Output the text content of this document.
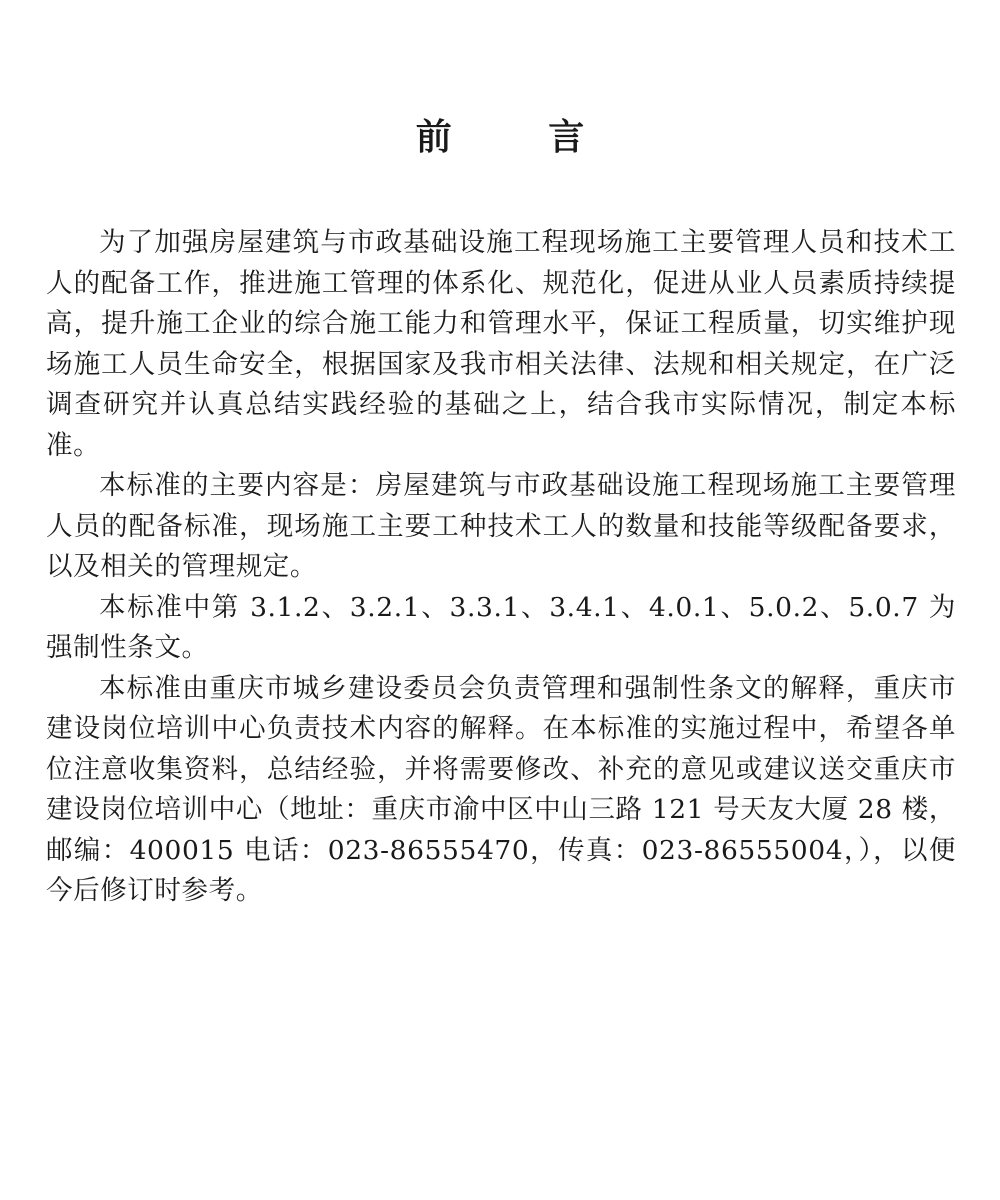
前 言

为了加强房屋建筑与市政基础设施工程现场施工主要管理人员和技术工人的配备工作，推进施工管理的体系化、规范化，促进从业人员素质持续提高，提升施工企业的综合施工能力和管理水平，保证工程质量，切实维护现场施工人员生命安全，根据国家及我市相关法律、法规和相关规定，在广泛调查研究并认真总结实践经验的基础之上，结合我市实际情况，制定本标准。

本标准的主要内容是：房屋建筑与市政基础设施工程现场施工主要管理人员的配备标准，现场施工主要工种技术工人的数量和技能等级配备要求，以及相关的管理规定。

本标准中第 3.1.2、3.2.1、3.3.1、3.4.1、4.0.1、5.0.2、5.0.7 为强制性条文。

本标准由重庆市城乡建设委员会负责管理和强制性条文的解释，重庆市建设岗位培训中心负责技术内容的解释。在本标准的实施过程中，希望各单位注意收集资料，总结经验，并将需要修改、补充的意见或建议送交重庆市建设岗位培训中心（地址：重庆市渝中区中山三路 121 号天友大厦 28 楼，邮编：400015 电话：023-86555470，传真：023-86555004，），以便今后修订时参考。
